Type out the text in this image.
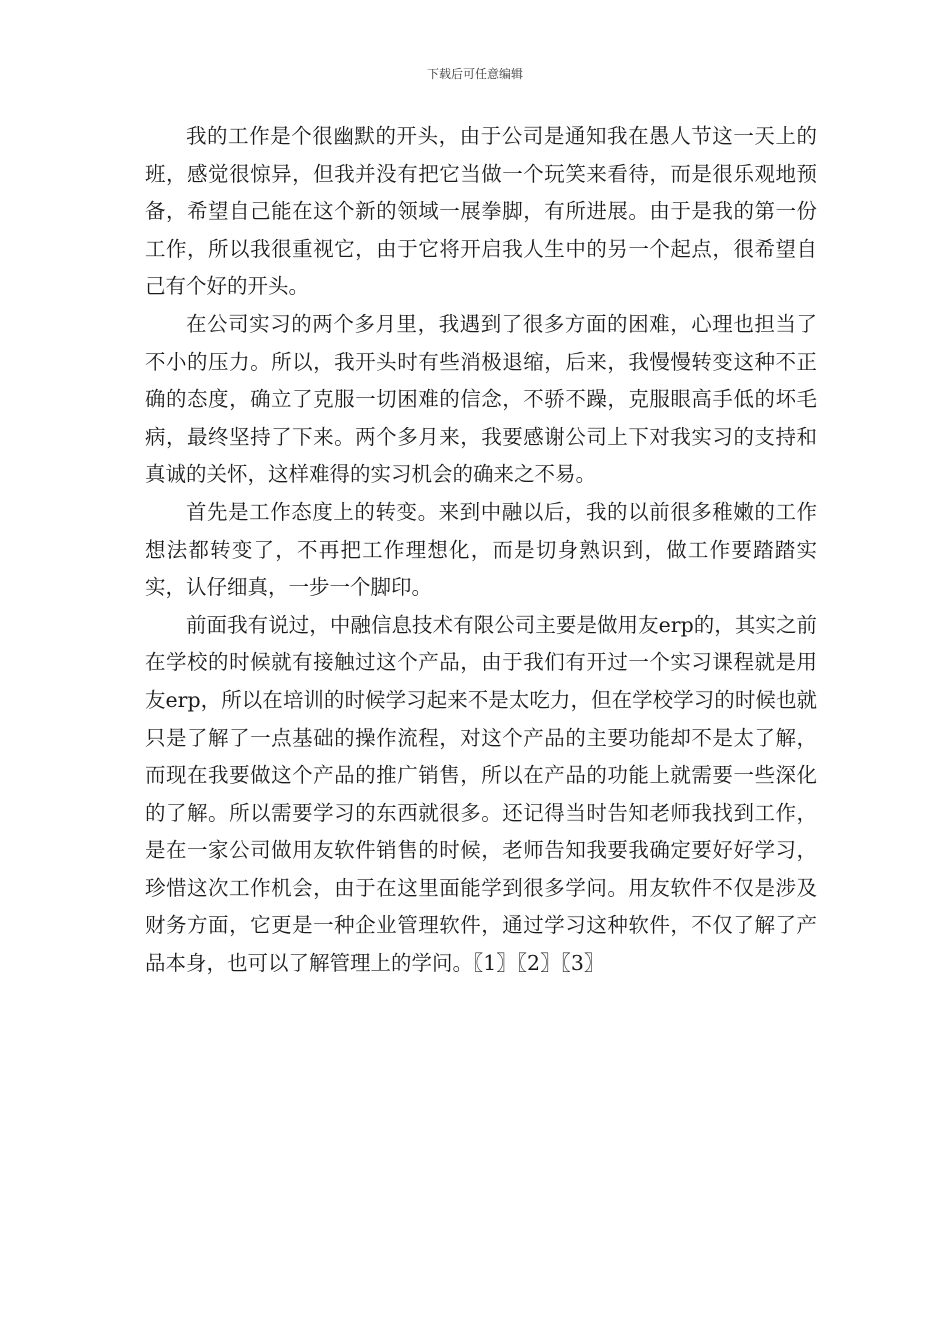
下载后可任意编辑

我的工作是个很幽默的开头，由于公司是通知我在愚人节这一天上的班，感觉很惊异，但我并没有把它当做一个玩笑来看待，而是很乐观地预备，希望自己能在这个新的领域一展拳脚，有所进展。由于是我的第一份工作，所以我很重视它，由于它将开启我人生中的另一个起点，很希望自己有个好的开头。

在公司实习的两个多月里，我遇到了很多方面的困难，心理也担当了不小的压力。所以，我开头时有些消极退缩，后来，我慢慢转变这种不正确的态度，确立了克服一切困难的信念，不骄不躁，克服眼高手低的坏毛病，最终坚持了下来。两个多月来，我要感谢公司上下对我实习的支持和真诚的关怀，这样难得的实习机会的确来之不易。

首先是工作态度上的转变。来到中融以后，我的以前很多稚嫩的工作想法都转变了，不再把工作理想化，而是切身熟识到，做工作要踏踏实实，认仔细真，一步一个脚印。

前面我有说过，中融信息技术有限公司主要是做用友erp的，其实之前在学校的时候就有接触过这个产品，由于我们有开过一个实习课程就是用友erp，所以在培训的时候学习起来不是太吃力，但在学校学习的时候也就只是了解了一点基础的操作流程，对这个产品的主要功能却不是太了解，而现在我要做这个产品的推广销售，所以在产品的功能上就需要一些深化的了解。所以需要学习的东西就很多。还记得当时告知老师我找到工作，是在一家公司做用友软件销售的时候，老师告知我要我确定要好好学习，珍惜这次工作机会，由于在这里面能学到很多学问。用友软件不仅是涉及财务方面，它更是一种企业管理软件，通过学习这种软件，不仅了解了产品本身，也可以了解管理上的学问。〖1〗〖2〗〖3〗
